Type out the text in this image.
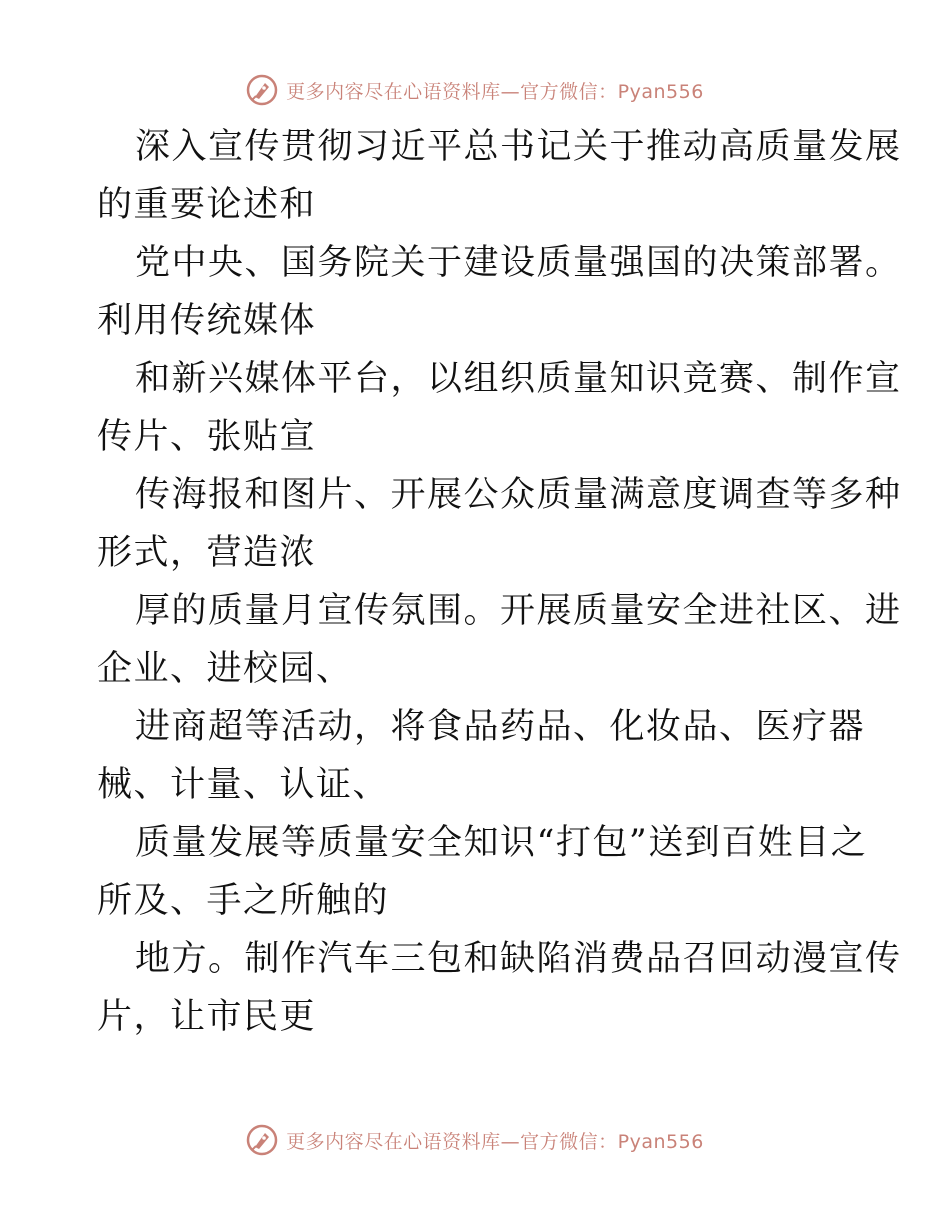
更多内容尽在心语资料库—官方微信：Pyan556
深入宣传贯彻习近平总书记关于推动高质量发展
的重要论述和
党中央、国务院关于建设质量强国的决策部署。
利用传统媒体
和新兴媒体平台，以组织质量知识竞赛、制作宣
传片、张贴宣
传海报和图片、开展公众质量满意度调查等多种
形式，营造浓
厚的质量月宣传氛围。开展质量安全进社区、进
企业、进校园、
进商超等活动，将食品药品、化妆品、医疗器
械、计量、认证、
质量发展等质量安全知识“打包”送到百姓目之
所及、手之所触的
地方。制作汽车三包和缺陷消费品召回动漫宣传
片，让市民更
更多内容尽在心语资料库—官方微信：Pyan556
